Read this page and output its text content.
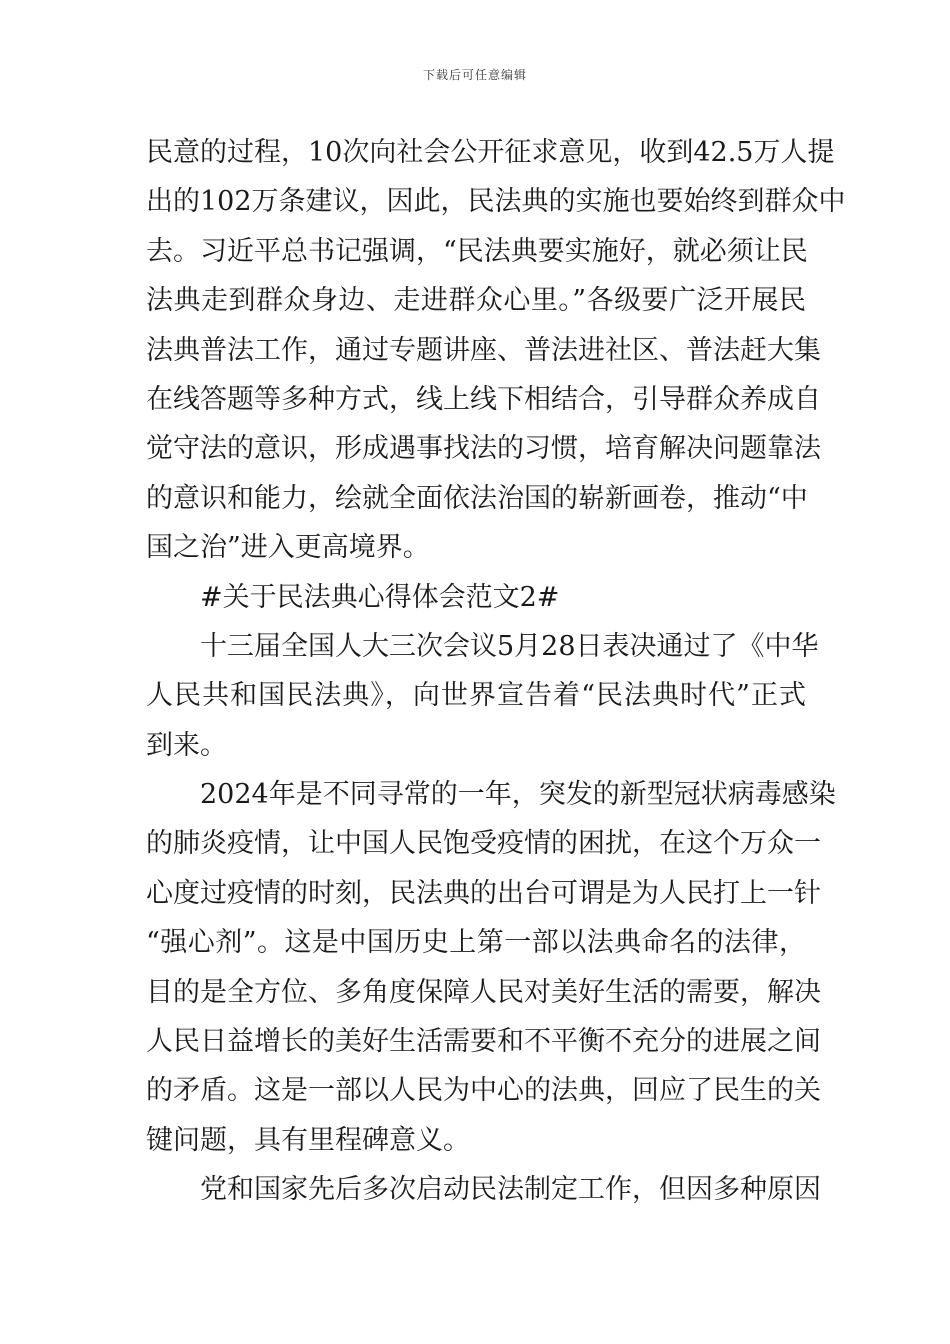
下载后可任意编辑
民意的过程，10次向社会公开征求意见，收到42.5万人提
出的102万条建议，因此，民法典的实施也要始终到群众中
去。习近平总书记强调，“民法典要实施好，就必须让民
法典走到群众身边、走进群众心里。”各级要广泛开展民
法典普法工作，通过专题讲座、普法进社区、普法赶大集
在线答题等多种方式，线上线下相结合，引导群众养成自
觉守法的意识，形成遇事找法的习惯，培育解决问题靠法
的意识和能力，绘就全面依法治国的崭新画卷，推动“中
国之治”进入更高境界。
#关于民法典心得体会范文2#
十三届全国人大三次会议5月28日表决通过了《中华
人民共和国民法典》，向世界宣告着“民法典时代”正式
到来。
2024年是不同寻常的一年，突发的新型冠状病毒感染
的肺炎疫情，让中国人民饱受疫情的困扰，在这个万众一
心度过疫情的时刻，民法典的出台可谓是为人民打上一针
“强心剂”。这是中国历史上第一部以法典命名的法律，
目的是全方位、多角度保障人民对美好生活的需要，解决
人民日益增长的美好生活需要和不平衡不充分的进展之间
的矛盾。这是一部以人民为中心的法典，回应了民生的关
键问题，具有里程碑意义。
党和国家先后多次启动民法制定工作，但因多种原因
